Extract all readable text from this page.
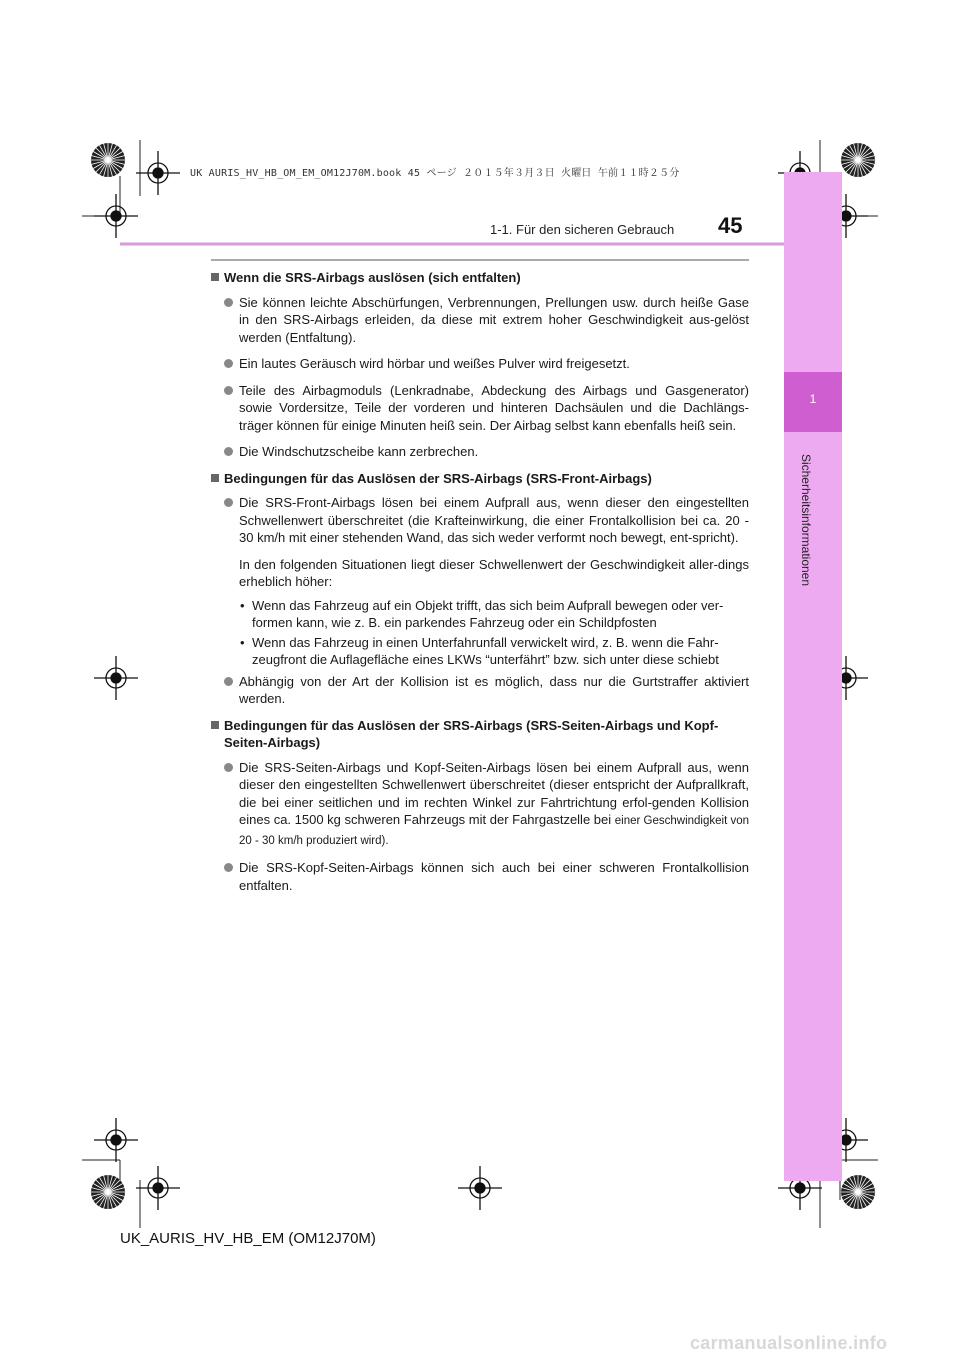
UK AURIS_HV_HB_OM_EM_OM12J70M.book 45 ページ ２０１５年３月３日 火曜日 午前１１時２５分
1-1. Für den sicheren Gebrauch 45
1
Sicherheitsinformationen
Wenn die SRS-Airbags auslösen (sich entfalten)
Sie können leichte Abschürfungen, Verbrennungen, Prellungen usw. durch heiße Gase in den SRS-Airbags erleiden, da diese mit extrem hoher Geschwindigkeit aus-gelöst werden (Entfaltung).
Ein lautes Geräusch wird hörbar und weißes Pulver wird freigesetzt.
Teile des Airbagmoduls (Lenkradnabe, Abdeckung des Airbags und Gasgenerator) sowie Vordersitze, Teile der vorderen und hinteren Dachsäulen und die Dachlängs-träger können für einige Minuten heiß sein. Der Airbag selbst kann ebenfalls heiß sein.
Die Windschutzscheibe kann zerbrechen.
Bedingungen für das Auslösen der SRS-Airbags (SRS-Front-Airbags)
Die SRS-Front-Airbags lösen bei einem Aufprall aus, wenn dieser den eingestellten Schwellenwert überschreitet (die Krafteinwirkung, die einer Frontalkollision bei ca. 20 - 30 km/h mit einer stehenden Wand, das sich weder verformt noch bewegt, ent-spricht).
In den folgenden Situationen liegt dieser Schwellenwert der Geschwindigkeit aller-dings erheblich höher:
• Wenn das Fahrzeug auf ein Objekt trifft, das sich beim Aufprall bewegen oder ver-formen kann, wie z. B. ein parkendes Fahrzeug oder ein Schildpfosten
• Wenn das Fahrzeug in einen Unterfahrunfall verwickelt wird, z. B. wenn die Fahr-zeugfront die Auflagefläche eines LKWs “unterfährt” bzw. sich unter diese schiebt
Abhängig von der Art der Kollision ist es möglich, dass nur die Gurtstraffer aktiviert werden.
Bedingungen für das Auslösen der SRS-Airbags (SRS-Seiten-Airbags und Kopf-Seiten-Airbags)
Die SRS-Seiten-Airbags und Kopf-Seiten-Airbags lösen bei einem Aufprall aus, wenn dieser den eingestellten Schwellenwert überschreitet (dieser entspricht der Aufprallkraft, die bei einer seitlichen und im rechten Winkel zur Fahrtrichtung erfol-genden Kollision eines ca. 1500 kg schweren Fahrzeugs mit der Fahrgastzelle bei einer Geschwindigkeit von 20 - 30 km/h produziert wird).
Die SRS-Kopf-Seiten-Airbags können sich auch bei einer schweren Frontalkollision entfalten.
UK_AURIS_HV_HB_EM (OM12J70M)
carmanualsonline.info
